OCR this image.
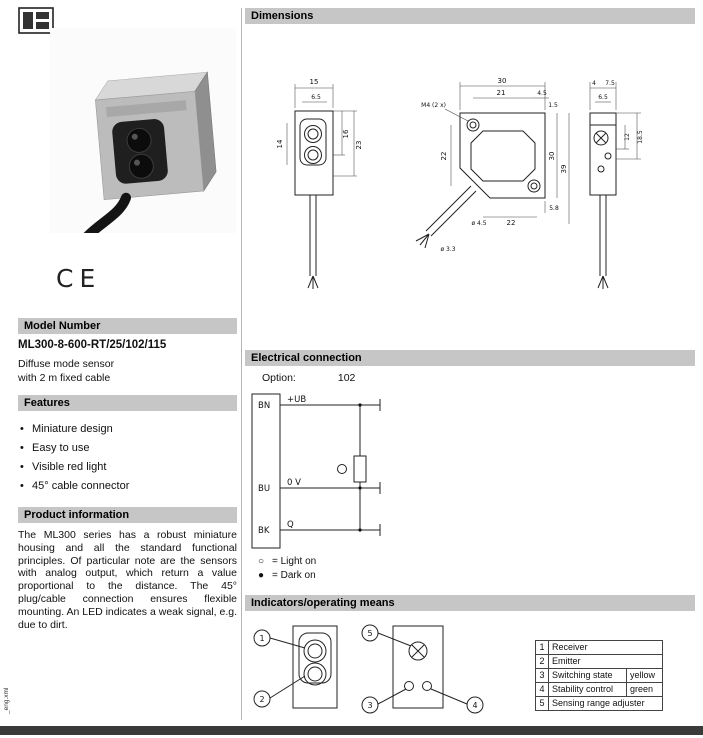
CE
Model Number
ML300-8-600-RT/25/102/115
Diffuse mode sensor
with 2 m fixed cable
Features
• Miniature design
• Easy to use
• Visible red light
• 45° cable connector
Product information
The ML300 series has a robust miniature housing and all the standard functional principles. Of particular note are the sensors with analog output, which return a value proportional to the distance. The 45° plug/cable connection ensures flexible mounting. An LED indicates a weak signal, e.g. due to dirt.
_eng.xml
Dimensions
15
6.5
14
16
23
30
21	4.5
1.5
M4 (2 x)
22	30
39
5.8
22
ø 4.5
ø 3.3
4 7.5
6.5
12 18.5
Electrical connection
Option:	102
BN
+UB
BU
0 V
BK
Q
○ = Light on
● = Dark on
Indicators/operating means
1
2
5
3	4
1 Receiver
2 Emitter
3 Switching state	yellow
4 Stability control	green
5 Sensing range adjuster
